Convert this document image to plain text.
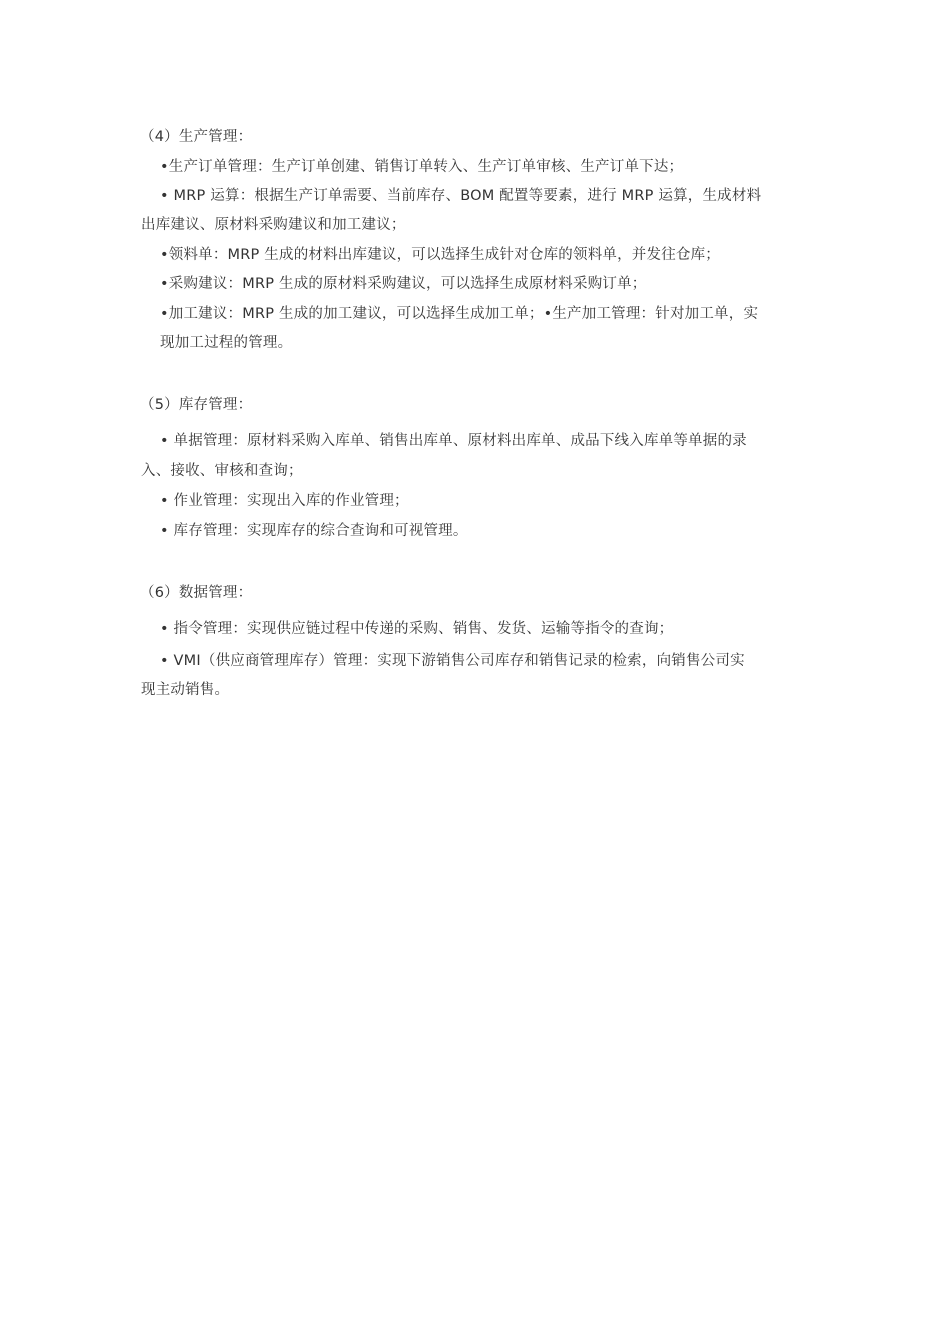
（4）生产管理：
•生产订单管理：生产订单创建、销售订单转入、生产订单审核、生产订单下达；
• MRP 运算：根据生产订单需要、当前库存、BOM 配置等要素，进行 MRP 运算，生成材料
出库建议、原材料采购建议和加工建议；
•领料单：MRP 生成的材料出库建议，可以选择生成针对仓库的领料单，并发往仓库；
•采购建议：MRP 生成的原材料采购建议，可以选择生成原材料采购订单；
•加工建议：MRP 生成的加工建议，可以选择生成加工单；•生产加工管理：针对加工单，实
现加工过程的管理。
（5）库存管理：
• 单据管理：原材料采购入库单、销售出库单、原材料出库单、成品下线入库单等单据的录
入、接收、审核和查询；
• 作业管理：实现出入库的作业管理；
• 库存管理：实现库存的综合查询和可视管理。
（6）数据管理：
• 指令管理：实现供应链过程中传递的采购、销售、发货、运输等指令的查询；
• VMI（供应商管理库存）管理：实现下游销售公司库存和销售记录的检索，向销售公司实
现主动销售。
